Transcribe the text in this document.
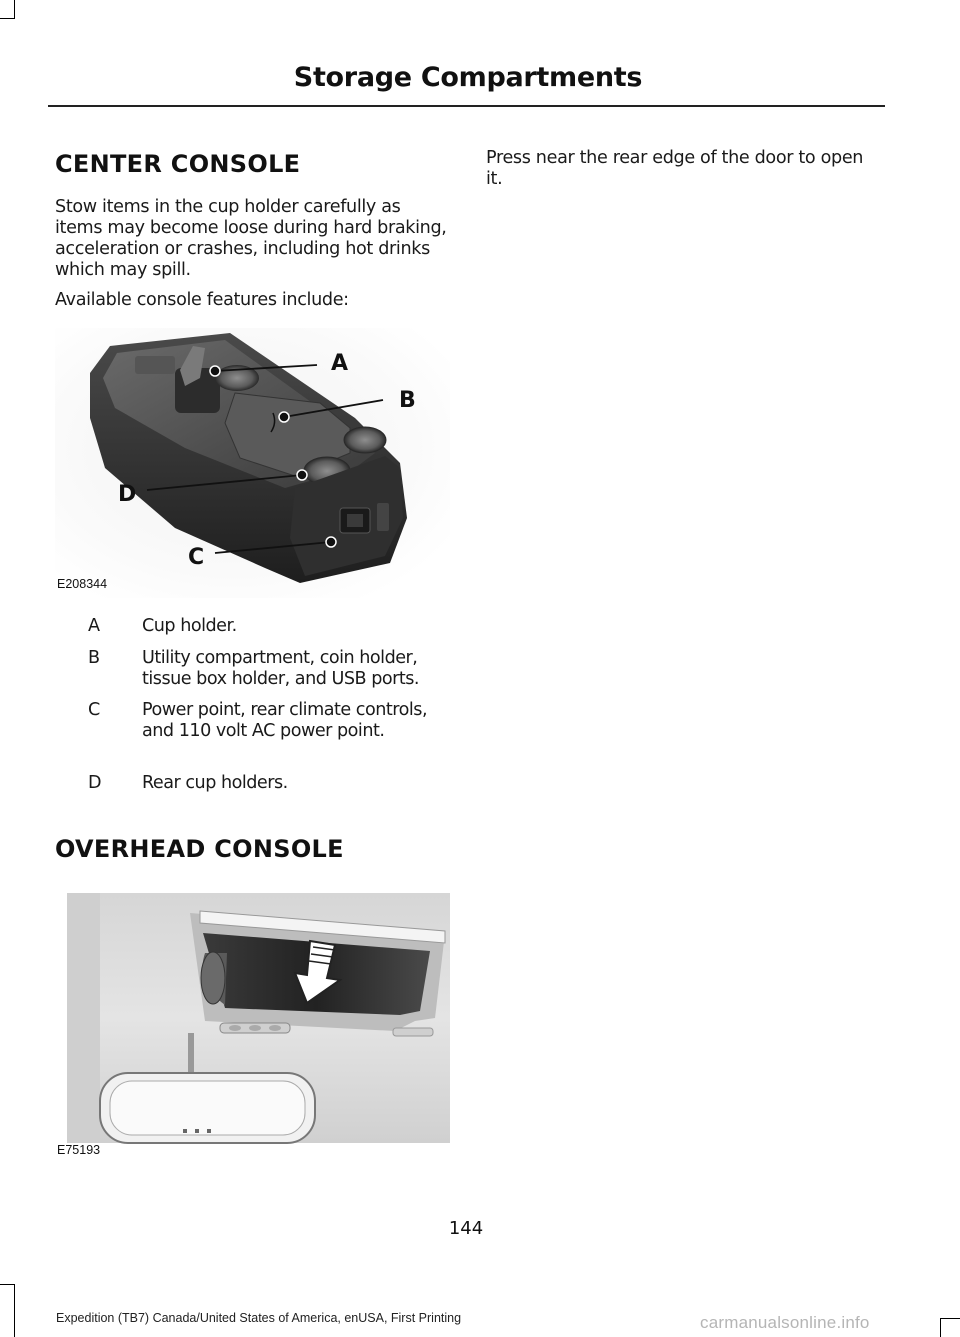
Storage Compartments
CENTER CONSOLE
Stow items in the cup holder carefully as items may become loose during hard braking, acceleration or crashes, including hot drinks which may spill.
Available console features include:
A
B
D
C
E208344
A Cup holder.
B Utility compartment, coin holder, tissue box holder, and USB ports.
C Power point, rear climate controls, and 110 volt AC power point.
D Rear cup holders.
OVERHEAD CONSOLE
E75193
Press near the rear edge of the door to open it.
144
Expedition (TB7) Canada/United States of America, enUSA, First Printing	carmanualsonline.info
